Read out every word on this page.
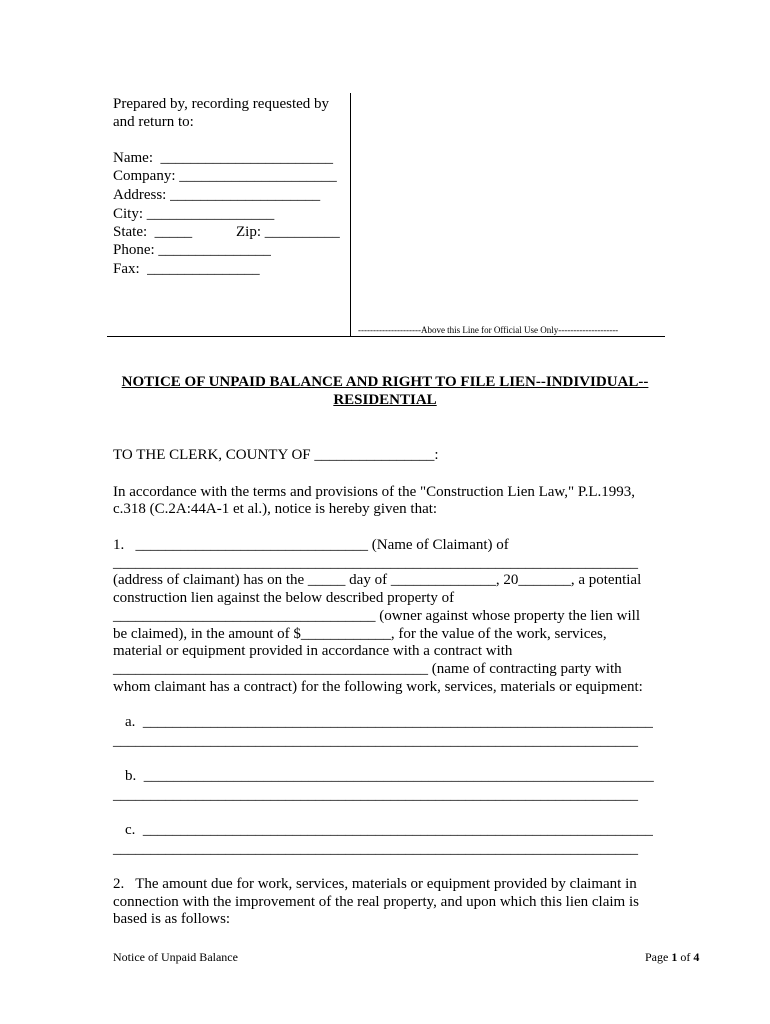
Prepared by, recording requested by
and return to:
Name:  _______________________
Company: _____________________
Address: ____________________
City: _________________
State:  _____	Zip: __________
Phone: _______________
Fax:  _______________
---------------------Above this Line for Official Use Only--------------------
NOTICE OF UNPAID BALANCE AND RIGHT TO FILE LIEN--INDIVIDUAL--
RESIDENTIAL
TO THE CLERK, COUNTY OF ________________:
In accordance with the terms and provisions of the "Construction Lien Law," P.L.1993,
c.318 (C.2A:44A-1 et al.), notice is hereby given that:
1.   _______________________________ (Name of Claimant) of
______________________________________________________________________
(address of claimant) has on the _____ day of ______________, 20_______, a potential
construction lien against the below described property of
___________________________________ (owner against whose property the lien will
be claimed), in the amount of $____________, for the value of the work, services,
material or equipment provided in accordance with a contract with
__________________________________________ (name of contracting party with
whom claimant has a contract) for the following work, services, materials or equipment:
a.  ____________________________________________________________________
______________________________________________________________________
b.  ____________________________________________________________________
______________________________________________________________________
c.  ____________________________________________________________________
______________________________________________________________________
2.   The amount due for work, services, materials or equipment provided by claimant in
connection with the improvement of the real property, and upon which this lien claim is
based is as follows:
Notice of Unpaid Balance	Page 1 of 4
